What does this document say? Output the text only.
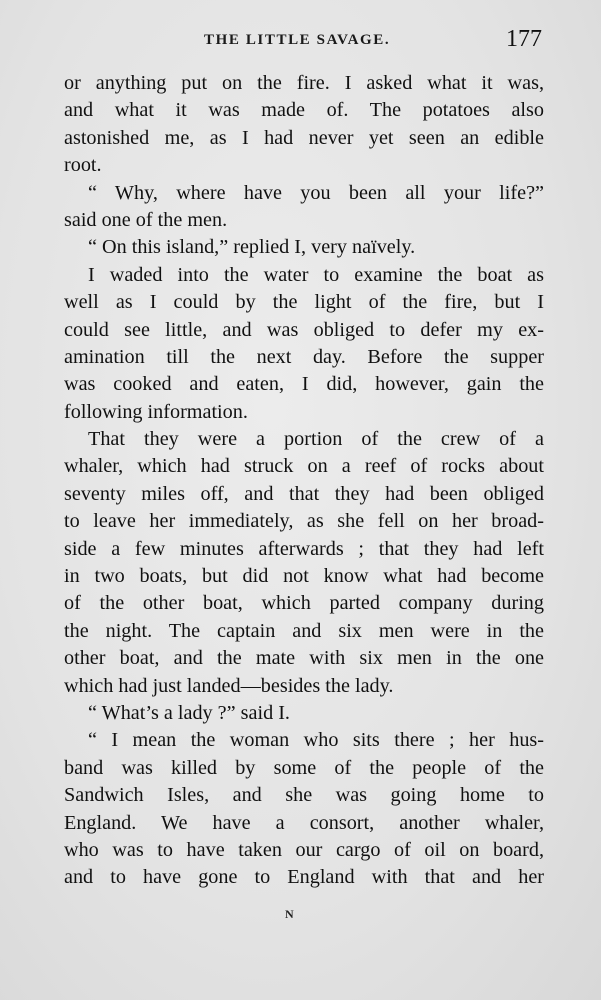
THE LITTLE SAVAGE.	177
or anything put on the fire. I asked what it was,
and what it was made of. The potatoes also
astonished me, as I had never yet seen an edible
root.
“ Why, where have you been all your life?”
said one of the men.
“ On this island,” replied I, very naïvely.
I waded into the water to examine the boat as
well as I could by the light of the fire, but I
could see little, and was obliged to defer my ex-
amination till the next day. Before the supper
was cooked and eaten, I did, however, gain the
following information.
That they were a portion of the crew of a
whaler, which had struck on a reef of rocks about
seventy miles off, and that they had been obliged
to leave her immediately, as she fell on her broad-
side a few minutes afterwards ; that they had left
in two boats, but did not know what had become
of the other boat, which parted company during
the night. The captain and six men were in the
other boat, and the mate with six men in the one
which had just landed—besides the lady.
“ What’s a lady ?” said I.
“ I mean the woman who sits there ; her hus-
band was killed by some of the people of the
Sandwich Isles, and she was going home to
England. We have a consort, another whaler,
who was to have taken our cargo of oil on board,
and to have gone to England with that and her
N
